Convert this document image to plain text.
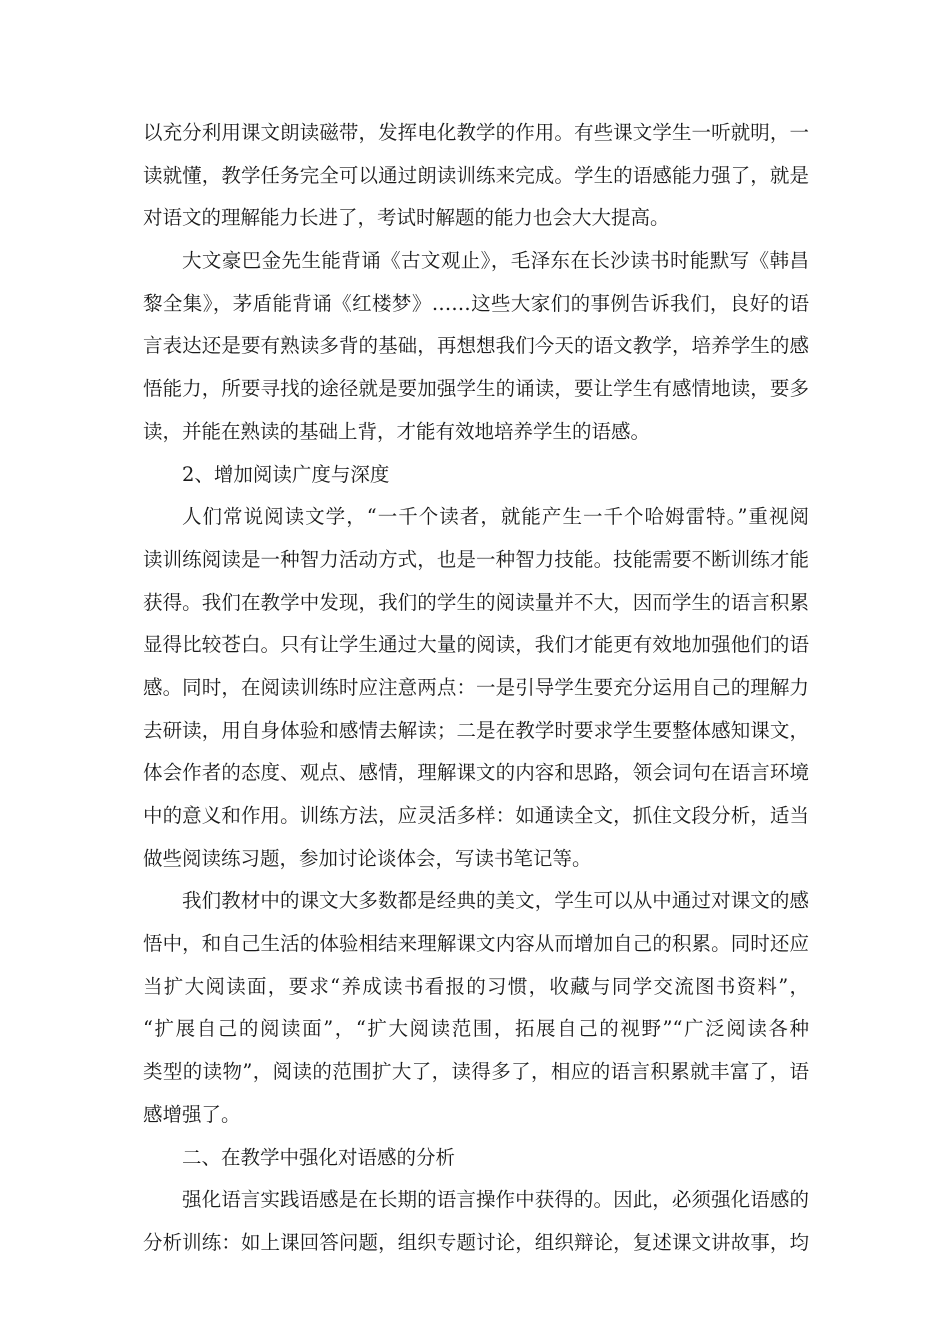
以充分利用课文朗读磁带，发挥电化教学的作用。有些课文学生一听就明，一
读就懂，教学任务完全可以通过朗读训练来完成。学生的语感能力强了，就是
对语文的理解能力长进了，考试时解题的能力也会大大提高。
大文豪巴金先生能背诵《古文观止》，毛泽东在长沙读书时能默写《韩昌
黎全集》，茅盾能背诵《红楼梦》……这些大家们的事例告诉我们，良好的语
言表达还是要有熟读多背的基础，再想想我们今天的语文教学，培养学生的感
悟能力，所要寻找的途径就是要加强学生的诵读，要让学生有感情地读，要多
读，并能在熟读的基础上背，才能有效地培养学生的语感。
2、增加阅读广度与深度
人们常说阅读文学，“一千个读者，就能产生一千个哈姆雷特。”重视阅
读训练阅读是一种智力活动方式，也是一种智力技能。技能需要不断训练才能
获得。我们在教学中发现，我们的学生的阅读量并不大，因而学生的语言积累
显得比较苍白。只有让学生通过大量的阅读，我们才能更有效地加强他们的语
感。同时，在阅读训练时应注意两点：一是引导学生要充分运用自己的理解力
去研读，用自身体验和感情去解读；二是在教学时要求学生要整体感知课文，
体会作者的态度、观点、感情，理解课文的内容和思路，领会词句在语言环境
中的意义和作用。训练方法，应灵活多样：如通读全文，抓住文段分析，适当
做些阅读练习题，参加讨论谈体会，写读书笔记等。
我们教材中的课文大多数都是经典的美文，学生可以从中通过对课文的感
悟中，和自己生活的体验相结来理解课文内容从而增加自己的积累。同时还应
当扩大阅读面，要求“养成读书看报的习惯，收藏与同学交流图书资料”，
“扩展自己的阅读面”，“扩大阅读范围，拓展自己的视野”“广泛阅读各种
类型的读物”，阅读的范围扩大了，读得多了，相应的语言积累就丰富了，语
感增强了。
二、在教学中强化对语感的分析
强化语言实践语感是在长期的语言操作中获得的。因此，必须强化语感的
分析训练：如上课回答问题，组织专题讨论，组织辩论，复述课文讲故事，均
